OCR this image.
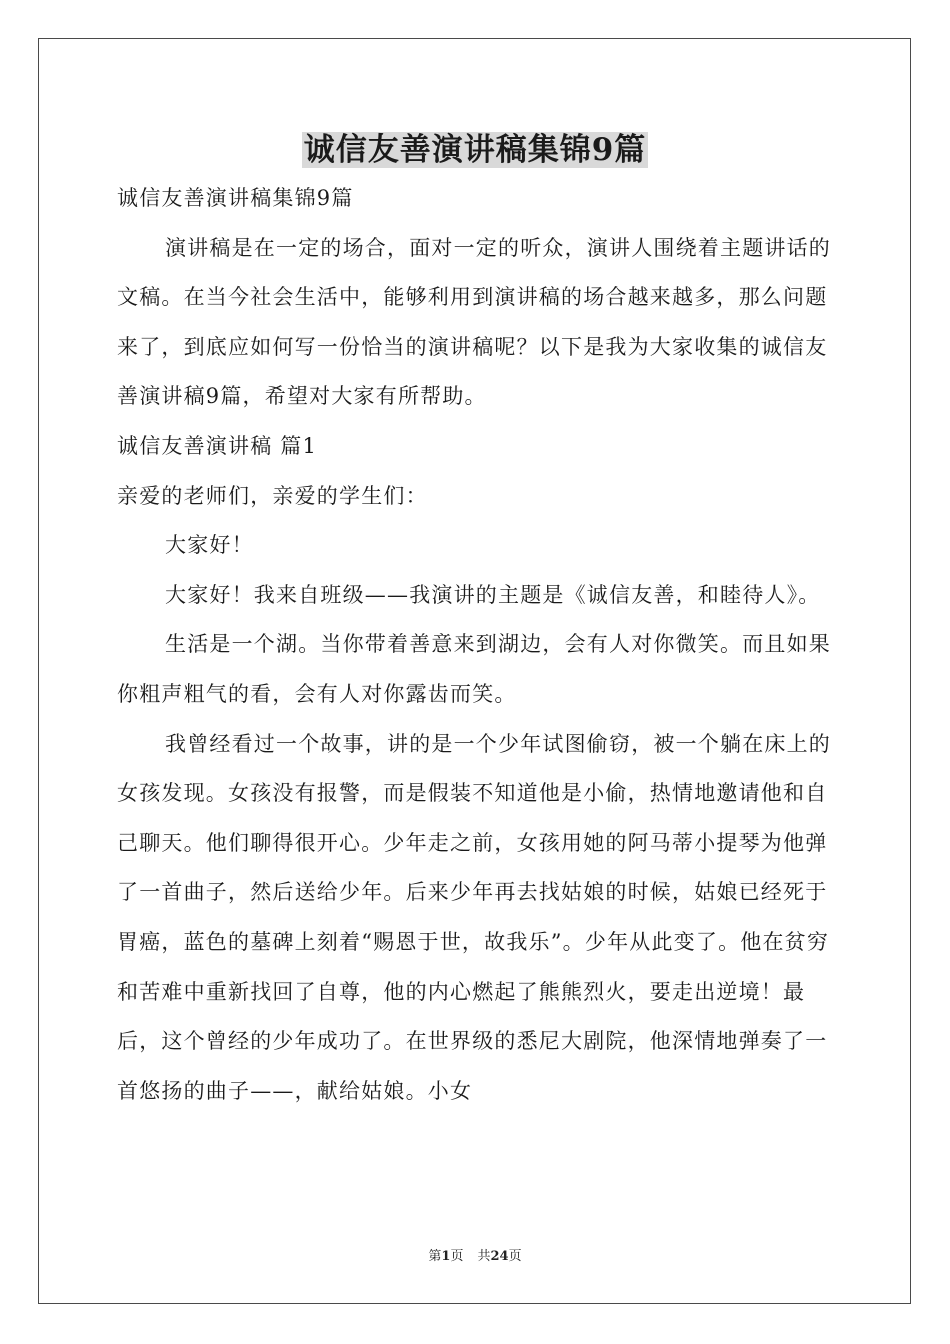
诚信友善演讲稿集锦9篇

诚信友善演讲稿集锦9篇

演讲稿是在一定的场合，面对一定的听众，演讲人围绕着主题讲话的文稿。在当今社会生活中，能够利用到演讲稿的场合越来越多，那么问题来了，到底应如何写一份恰当的演讲稿呢？以下是我为大家收集的诚信友善演讲稿9篇，希望对大家有所帮助。

诚信友善演讲稿 篇1

亲爱的老师们，亲爱的学生们：

大家好！

大家好！我来自班级——我演讲的主题是《诚信友善，和睦待人》。

生活是一个湖。当你带着善意来到湖边，会有人对你微笑。而且如果你粗声粗气的看，会有人对你露齿而笑。

我曾经看过一个故事，讲的是一个少年试图偷窃，被一个躺在床上的女孩发现。女孩没有报警，而是假装不知道他是小偷，热情地邀请他和自己聊天。他们聊得很开心。少年走之前，女孩用她的阿马蒂小提琴为他弹了一首曲子，然后送给少年。后来少年再去找姑娘的时候，姑娘已经死于胃癌，蓝色的墓碑上刻着“赐恩于世，故我乐”。少年从此变了。他在贫穷和苦难中重新找回了自尊，他的内心燃起了熊熊烈火，要走出逆境！最后，这个曾经的少年成功了。在世界级的悉尼大剧院，他深情地弹奏了一首悠扬的曲子——，献给姑娘。小女

第1页 共24页
